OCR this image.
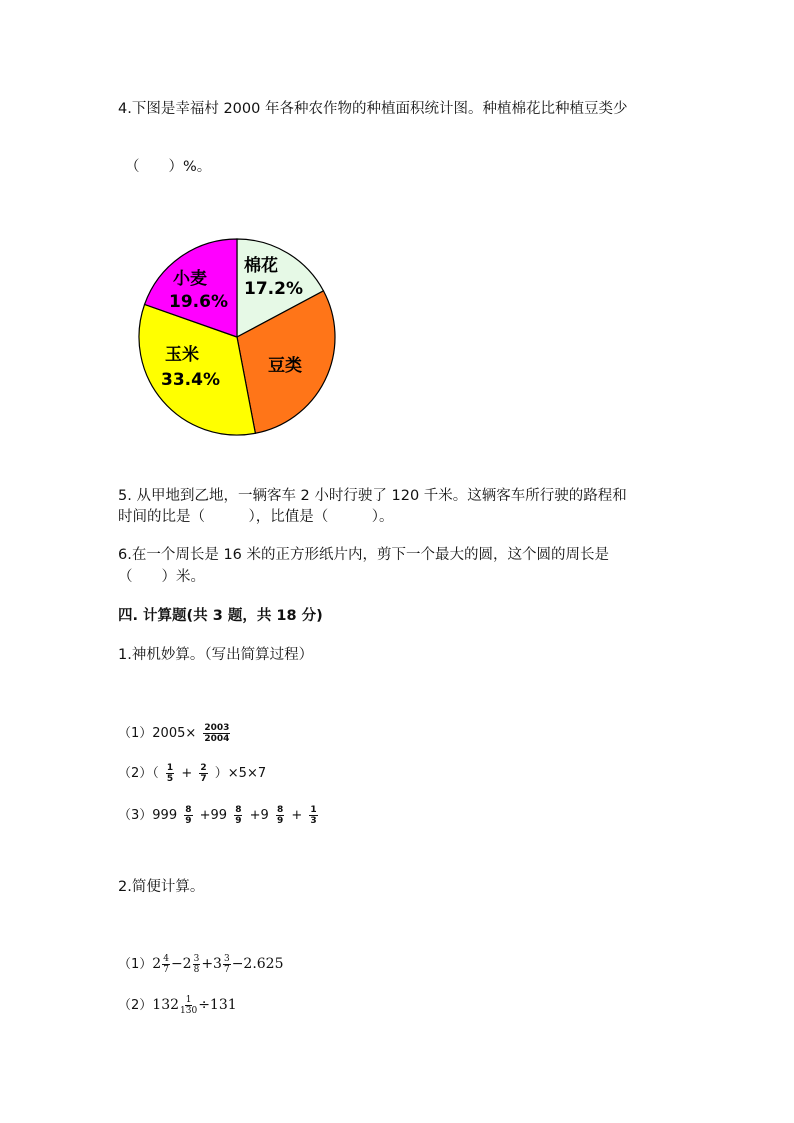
4.下图是幸福村 2000 年各种农作物的种植面积统计图。种植棉花比种植豆类少
（　　）%。
棉花
17.2%
小麦
19.6%
玉米
33.4%
豆类
5. 从甲地到乙地，一辆客车 2 小时行驶了 120 千米。这辆客车所行驶的路程和
时间的比是（　　　），比值是（　　　）。
6.在一个周长是 16 米的正方形纸片内，剪下一个最大的圆，这个圆的周长是
（　　）米。
四. 计算题(共 3 题，共 18 分)
1.神机妙算。（写出简算过程）
$(1)2005\times \frac{2003}{2004}$
$(2)( \frac{1}{5} + \frac{2}{7} )\times 5\times 7$
$(3)999 \frac{8}{9} +99 \frac{8}{9} +9 \frac{8}{9} + \frac{1}{3}$
2.简便计算。
$(1)2 \frac{4}{7} -2 \frac{3}{8} +3 \frac{3}{7} -2.625$
$(2)132 \frac{1}{130} \div 131$
